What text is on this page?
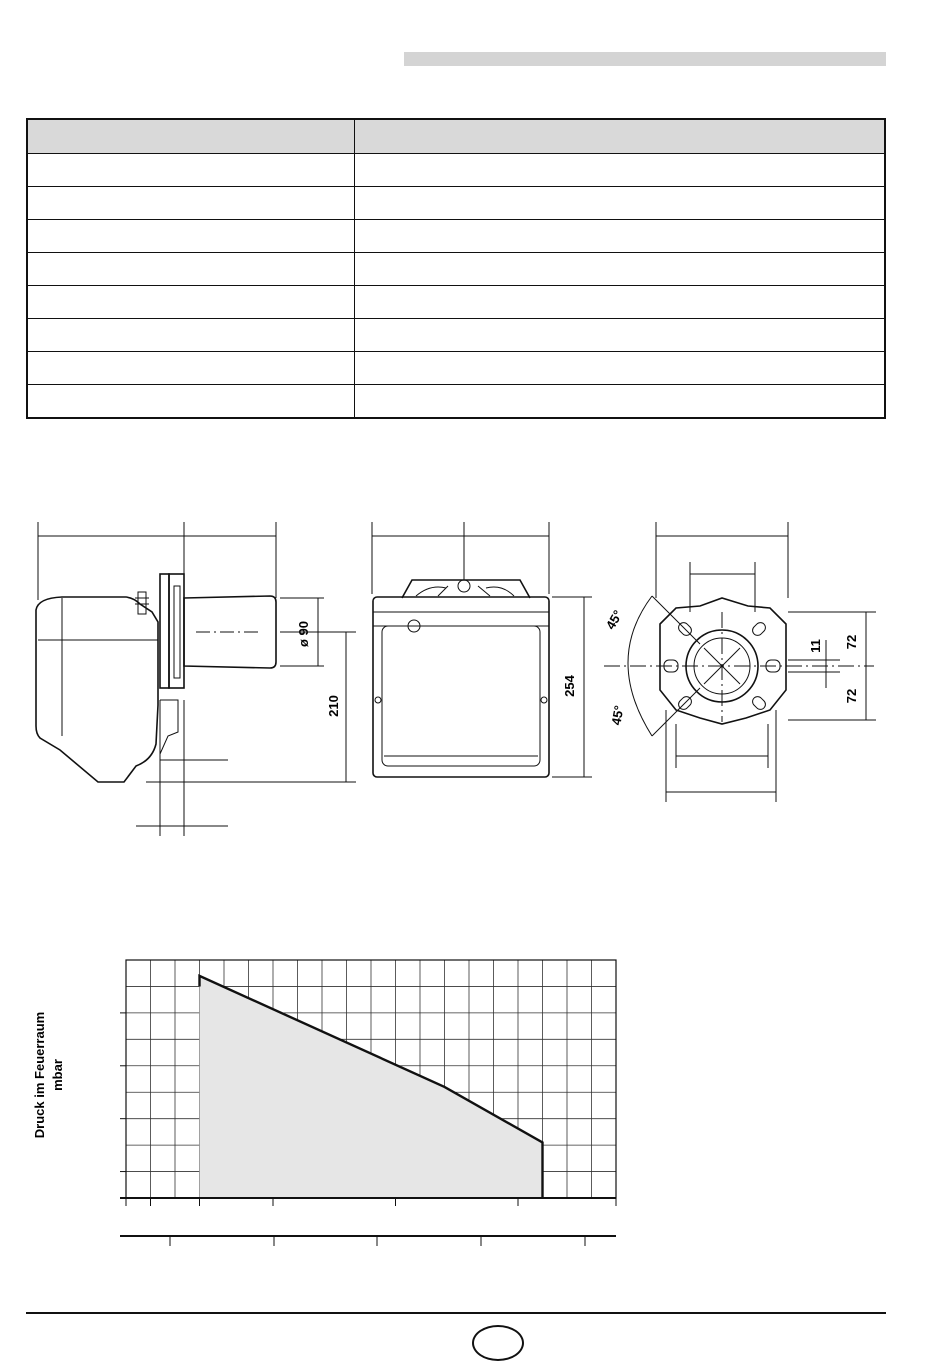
ø 90
210
254
45°
45°
11 72
72
Druck im Feuerraum mbar
